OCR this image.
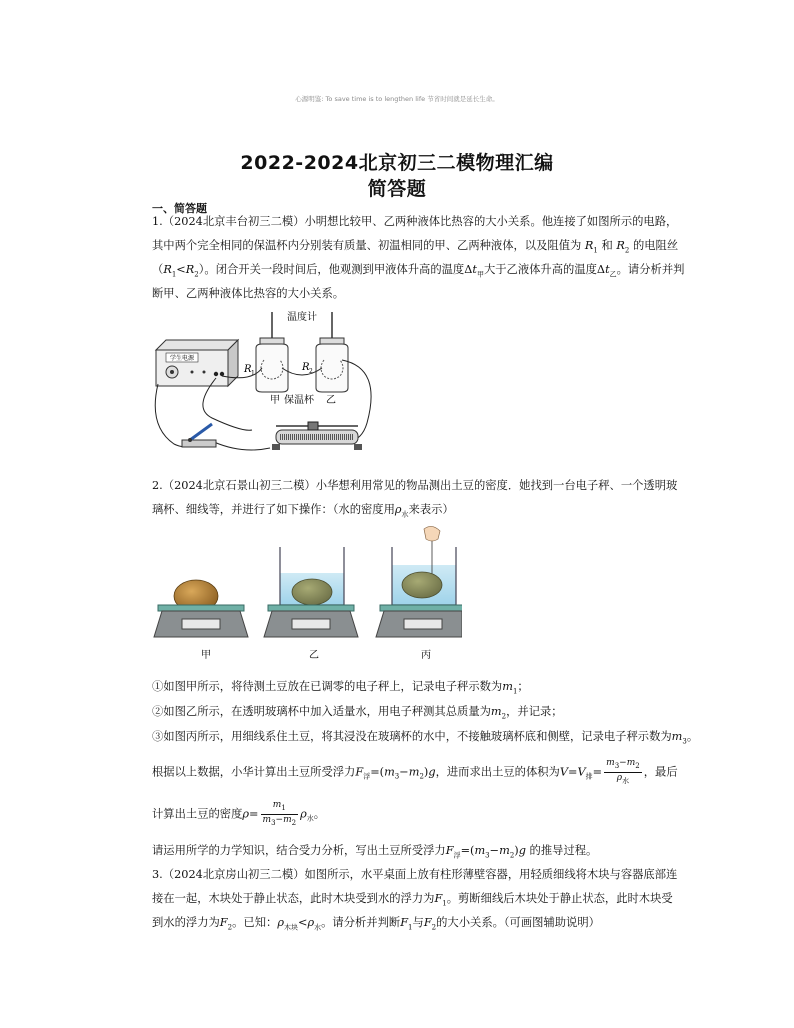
心源明鉴: To save time is to lengthen life 节省时间就是延长生命。
2022-2024北京初三二模物理汇编
简答题
一、简答题
1.（2024北京丰台初三二模）小明想比较甲、乙两种液体比热容的大小关系。他连接了如图所示的电路，
其中两个完全相同的保温杯内分别装有质量、初温相同的甲、乙两种液体，以及阻值为 $R_1$ 和 $R_2$ 的电阻丝
$(R_1<R_2)$。闭合开关一段时间后，他观测到甲液体升高的温度$\Delta t_甲$大于乙液体升高的温度$\Delta t_乙$。请分析并判
断甲、乙两种液体比热容的大小关系。
学生电源
温度计
R 1
R 2
甲 保温杯 乙
2.（2024北京石景山初三二模）小华想利用常见的物品测出土豆的密度．她找到一台电子秤、一个透明玻
璃杯、细线等，并进行了如下操作：（水的密度用$\rho_水$来表示）
甲	乙	丙
①如图甲所示，将待测土豆放在已调零的电子秤上，记录电子秤示数为$m_1$；
②如图乙所示，在透明玻璃杯中加入适量水，用电子秤测其总质量为$m_2$，并记录；
③如图丙所示，用细线系住土豆，将其浸没在玻璃杯的水中，不接触玻璃杯底和侧壁，记录电子秤示数为$m_3$。
根据以上数据，小华计算出土豆所受浮力$F_浮=(m_3-m_2)g$，进而求出土豆的体积为$V=V_排= \frac{m_3-m_2}{\rho_水}$ ，最后
计算出土豆的密度$\rho= \frac{m_1}{m_3-m_2} \rho_水$。
请运用所学的力学知识，结合受力分析，写出土豆所受浮力$F_浮=(m_3-m_2)g$ 的推导过程。
3.（2024北京房山初三二模）如图所示，水平桌面上放有柱形薄壁容器，用轻质细线将木块与容器底部连
接在一起，木块处于静止状态，此时木块受到水的浮力为$F_1$。剪断细线后木块处于静止状态，此时木块受
到水的浮力为$F_2$。已知：$\rho_{木块}<\rho_水$。请分析并判断$F_1$与$F_2$的大小关系。（可画图辅助说明）
